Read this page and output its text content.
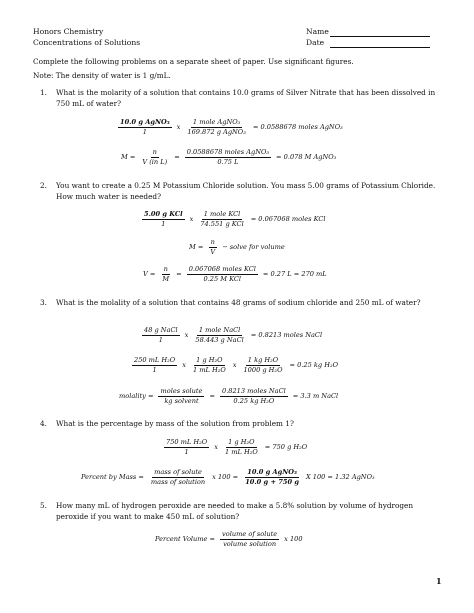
Honors Chemistry
Concentrations of Solutions
Name
Date
Complete the following problems on a separate sheet of paper. Use significant figures.
Note: The density of water is 1 g/mL.
1. What is the molarity of a solution that contains 10.0 grams of Silver Nitrate that has been dissolved in 750 mL of water?
$\frac{\text{10.0 g AgNO₃}}{1}$ x $\frac{\text{1 mole AgNO₃}}{\text{169.872 g AgNO₃}} = 0.0588678$ moles AgNO₃
$M = \frac{n}{\text{V (in L)}} = \frac{\text{0.0588678 moles AgNO₃}}{0.75 L} = 0.078$ M AgNO₃
2. You want to create a 0.25 M Potassium Chloride solution. You mass 5.00 grams of Potassium Chloride. How much water is needed?
$\frac{\text{5.00 g KCl}}{1}$ x $\frac{\text{1 mole KCl}}{\text{74.551 g KCl}} = 0.067068$ moles KCl
$M = \frac{n}{V}$ − solve for volume
$V = \frac{n}{M} = \frac{\text{0.067068 moles KCl}}{\text{0.25 M KCl}} = 0.27$ L = 270 mL
3. What is the molality of a solution that contains 48 grams of sodium chloride and 250 mL of water?
$\frac{\text{48 g NaCl}}{1}$ x $\frac{\text{1 mole NaCl}}{\text{58.443 g NaCl}} = 0.8213$ moles NaCl
$\frac{\text{250 mL H₂O}}{1}$ x $\frac{\text{1 g H₂O}}{\text{1 mL H₂O}}$ x $\frac{\text{1 kg H₂O}}{\text{1000 g H₂O}} = 0.25$ kg H₂O
molality = $\frac{\text{moles solute}}{\text{kg solvent}} = \frac{\text{0.8213 moles NaCl}}{\text{0.25 kg H₂O}} = 3.3$ m NaCl
4. What is the percentage by mass of the solution from problem 1?
$\frac{\text{750 mL H₂O}}{1}$ x $\frac{\text{1 g H₂O}}{\text{1 mL H₂O}} = 750$ g H₂O
Percent by Mass = $\frac{\text{mass of solute}}{\text{mass of solution}}$ x $100 = \frac{\text{10.0 g AgNO₃}}{10.0 g + 750 g}$ X 100 = 1.32 AgNO₃
5. How many mL of hydrogen peroxide are needed to make a 5.8% solution by volume of hydrogen peroxide if you want to make 450 mL of solution?
Percent Volume = $\frac{\text{volume of solute}}{\text{volume solution}}$ x 100
1
